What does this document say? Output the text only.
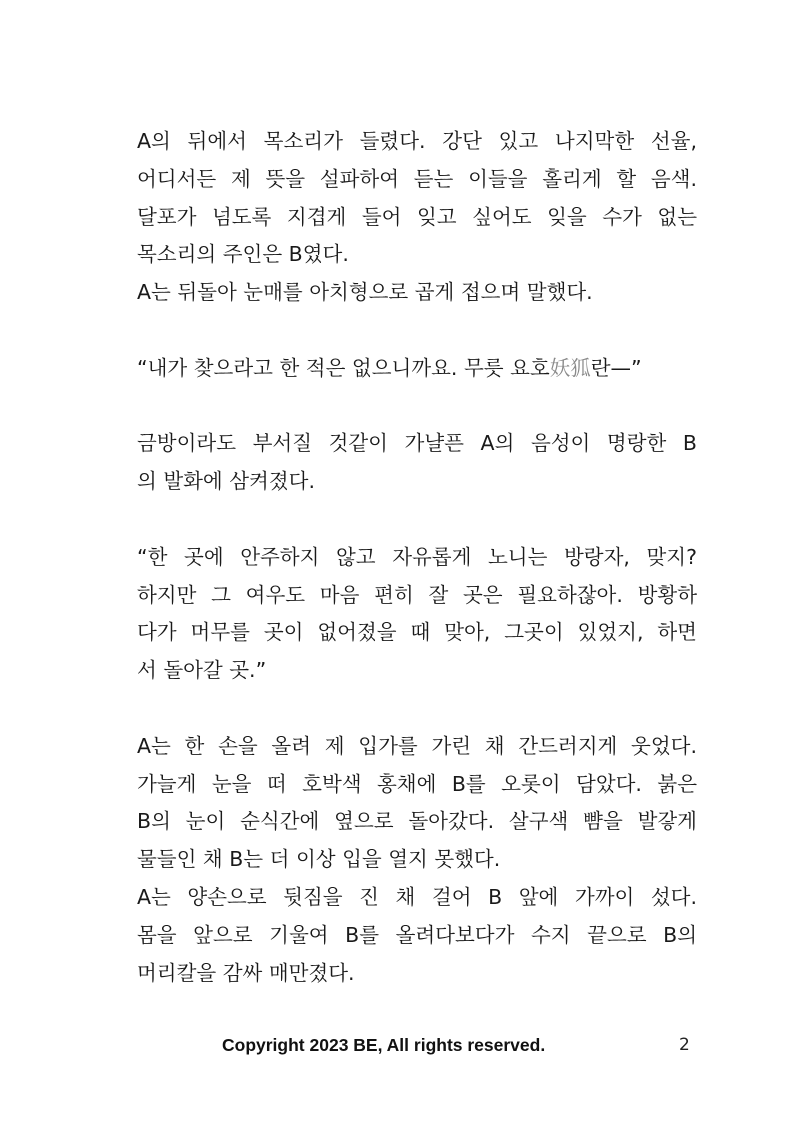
A의 뒤에서 목소리가 들렸다. 강단 있고 나지막한 선율,
어디서든 제 뜻을 설파하여 듣는 이들을 홀리게 할 음색.
달포가 넘도록 지겹게 들어 잊고 싶어도 잊을 수가 없는
목소리의 주인은 B였다.
A는 뒤돌아 눈매를 아치형으로 곱게 접으며 말했다.
“내가 찾으라고 한 적은 없으니까요. 무릇 요호妖狐란—”
금방이라도 부서질 것같이 가냘픈 A의 음성이 명랑한 B
의 발화에 삼켜졌다.
“한 곳에 안주하지 않고 자유롭게 노니는 방랑자, 맞지?
하지만 그 여우도 마음 편히 잘 곳은 필요하잖아. 방황하
다가 머무를 곳이 없어졌을 때 맞아, 그곳이 있었지, 하면
서 돌아갈 곳.”
A는 한 손을 올려 제 입가를 가린 채 간드러지게 웃었다.
가늘게 눈을 떠 호박색 홍채에 B를 오롯이 담았다. 붉은
B의 눈이 순식간에 옆으로 돌아갔다. 살구색 뺨을 발갛게
물들인 채 B는 더 이상 입을 열지 못했다.
A는 양손으로 뒷짐을 진 채 걸어 B 앞에 가까이 섰다.
몸을 앞으로 기울여 B를 올려다보다가 수지 끝으로 B의
머리칼을 감싸 매만졌다.
Copyright 2023 BE, All rights reserved.	2
